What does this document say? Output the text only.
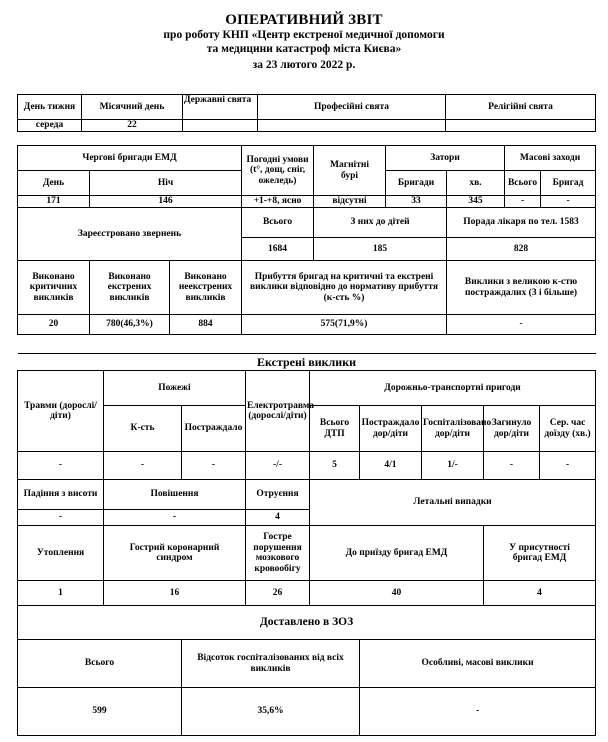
ОПЕРАТИВНИЙ ЗВІТ
про роботу КНП «Центр екстреної медичної допомоги
та медицини катастроф міста Києва»
за 23 лютого 2022 р.
День тижня	Місячний день	Державні свята	Професійні свята	Релігійні свята
середа	22			
Чергові бригади ЕМД			Погодні умови (t°, дощ, сніг, ожеледь)	Магнітні бурі	Затори		Масові заходи	
День	Ніч				Бригади	хв.	Всього	Бригад
171	146		+1-+8, ясно	відсутні	33	345	-	-
Зареєстровано звернень			Всього	З них до дітей		Порада лікаря по тел. 1583		
			1684	185		828		
Виконано критичних викликів	Виконано екстрених викликів	Виконано неекстрених викликів	Прибуття бригад на критичні та екстрені виклики відповідно до нормативу прибуття (к-сть %)			Виклики з великою к-стю постраждалих (3 і більше)		
20	780(46,3%)	884	575(71,9%)			-		
Екстрені виклики								
Травми (дорослі/діти)	Пожежі		Електротравма (дорослі/діти)	Дорожньо-транспортні пригоди				
	К-сть	Постраждало		Всього ДТП	Постраждало дор/діти	Госпіталізовано дор/діти	Загинуло дор/діти	Сер. час доїзду (хв.)
-	-	-	-/-	5	4/1	1/-	-	-
Падіння з висоти	Повішення		Отруєння	Летальні випадки				
-	-		4					
Утоплення	Гострий коронарний синдром		Гостре порушення мозкового кровообігу	До приїзду бригад ЕМД			У присутності бригад ЕМД	
1	16		26	40			4	
Доставлено в ЗОЗ								
Всього		Відсоток госпіталізованих від всіх викликів			Особливі, масові виклики			
599		35,6%			-			
